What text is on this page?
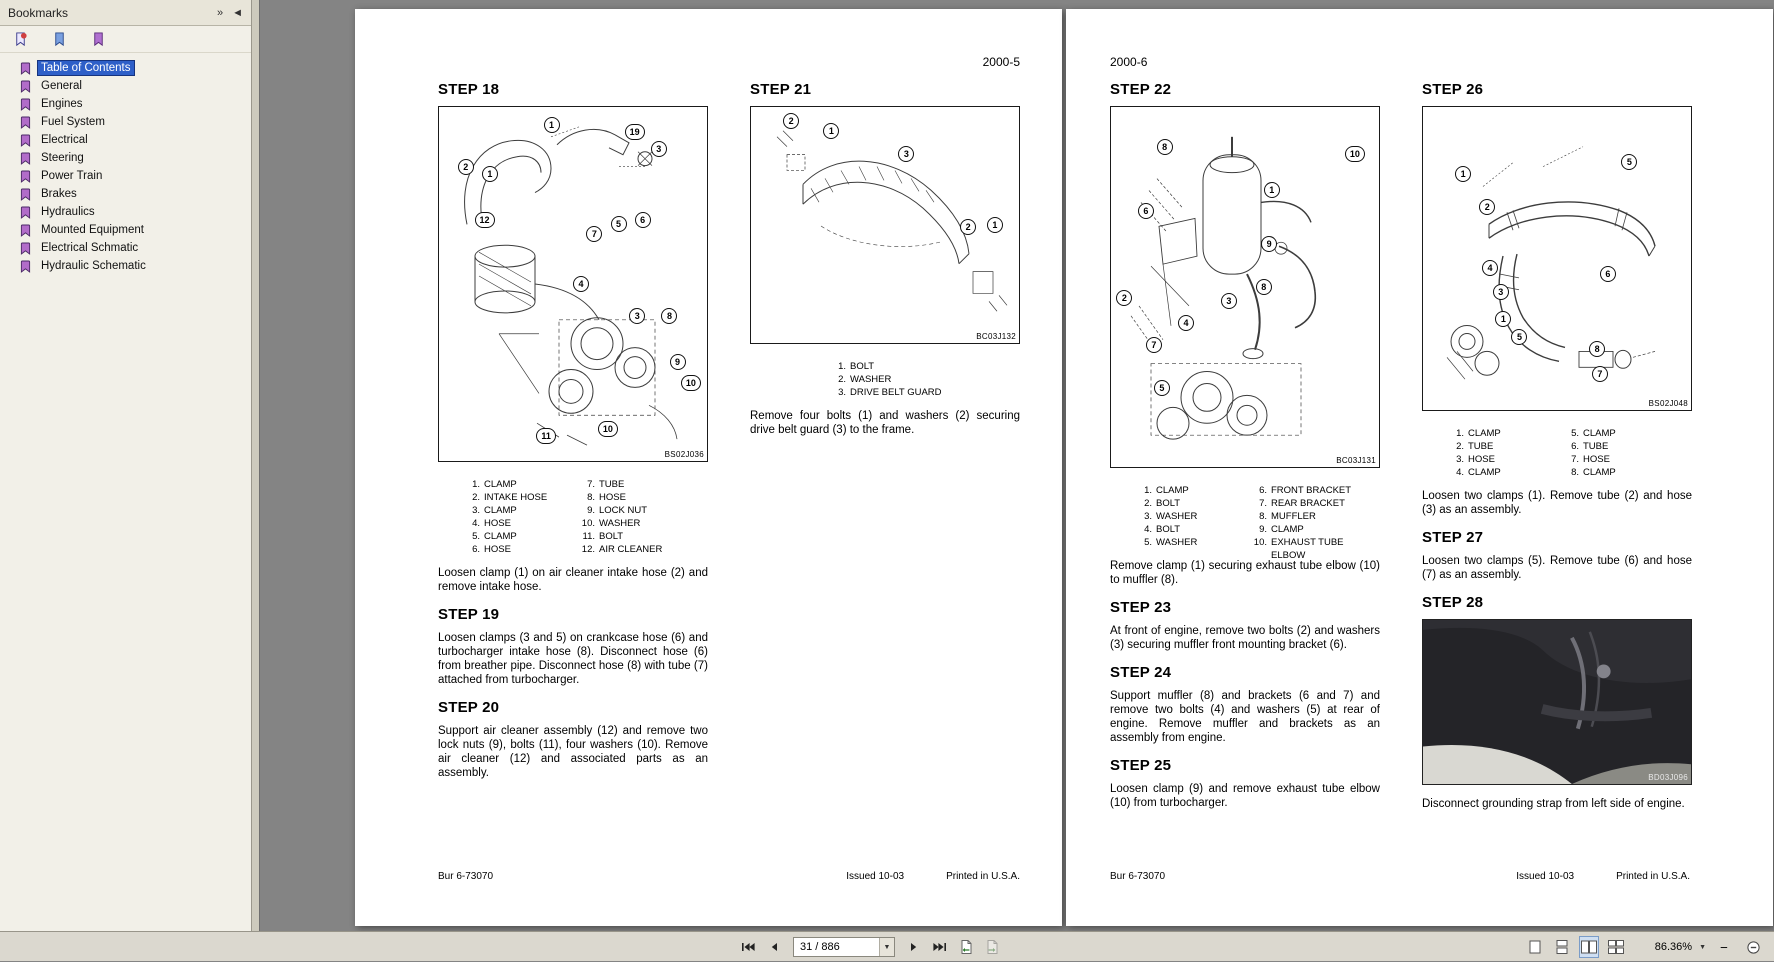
Bookmarks	» ◄
Table of Contents
General
Engines
Fuel System
Electrical
Steering
Power Train
Brakes
Hydraulics
Mounted Equipment
Electrical Schmatic
Hydraulic Schematic
2000-5
STEP 18
BS02J036
1
19
3
2
1
12	5	6
7
4
3	8
9
10
11
10
1. CLAMP
2. INTAKE HOSE
3. CLAMP
4. HOSE
5. CLAMP
6. HOSE
7. TUBE
8. HOSE
9. LOCK NUT
10. WASHER
11. BOLT
12. AIR CLEANER

Loosen clamp (1) on air cleaner intake hose (2) and remove intake hose.

STEP 19

Loosen clamps (3 and 5) on crankcase hose (6) and turbocharger intake hose (8). Disconnect hose (6) from breather pipe. Disconnect hose (8) with tube (7) attached from turbocharger.

STEP 20

Support air cleaner assembly (12) and remove two lock nuts (9), bolts (11), four washers (10). Remove air cleaner (12) and associated parts as an assembly.

STEP 21
BC03J132
2
1
3
2	1
1. BOLT
2. WASHER
3. DRIVE BELT GUARD

Remove four bolts (1) and washers (2) securing drive belt guard (3) to the frame.

Bur 6-73070	Issued 10-03	Printed in U.S.A.
2000-6
STEP 22
BC03J131
8
10
1
6
9
2	3
8
4
7
5
1. CLAMP
2. BOLT
3. WASHER
4. BOLT
5. WASHER
6. FRONT BRACKET
7. REAR BRACKET
8. MUFFLER
9. CLAMP
10. EXHAUST TUBE ELBOW

Remove clamp (1) securing exhaust tube elbow (10) to muffler (8).

STEP 23

At front of engine, remove two bolts (2) and washers (3) securing muffler front mounting bracket (6).

STEP 24

Support muffler (8) and brackets (6 and 7) and remove two bolts (4) and washers (5) at rear of engine. Remove muffler and brackets as an assembly from engine.

STEP 25

Loosen clamp (9) and remove exhaust tube elbow (10) from turbocharger.

STEP 26
BS02J048
1
5
2
4
3
6
1
5
8
7
1. CLAMP
2. TUBE
3. HOSE
4. CLAMP
5. CLAMP
6. TUBE
7. HOSE
8. CLAMP

Loosen two clamps (1). Remove tube (2) and hose (3) as an assembly.

STEP 27

Loosen two clamps (5). Remove tube (6) and hose (7) as an assembly.

STEP 28
BD03J096

Disconnect grounding strap from left side of engine.

Bur 6-73070	Issued 10-03	Printed in U.S.A.
31 / 886	▼	86.36% ▼ −
